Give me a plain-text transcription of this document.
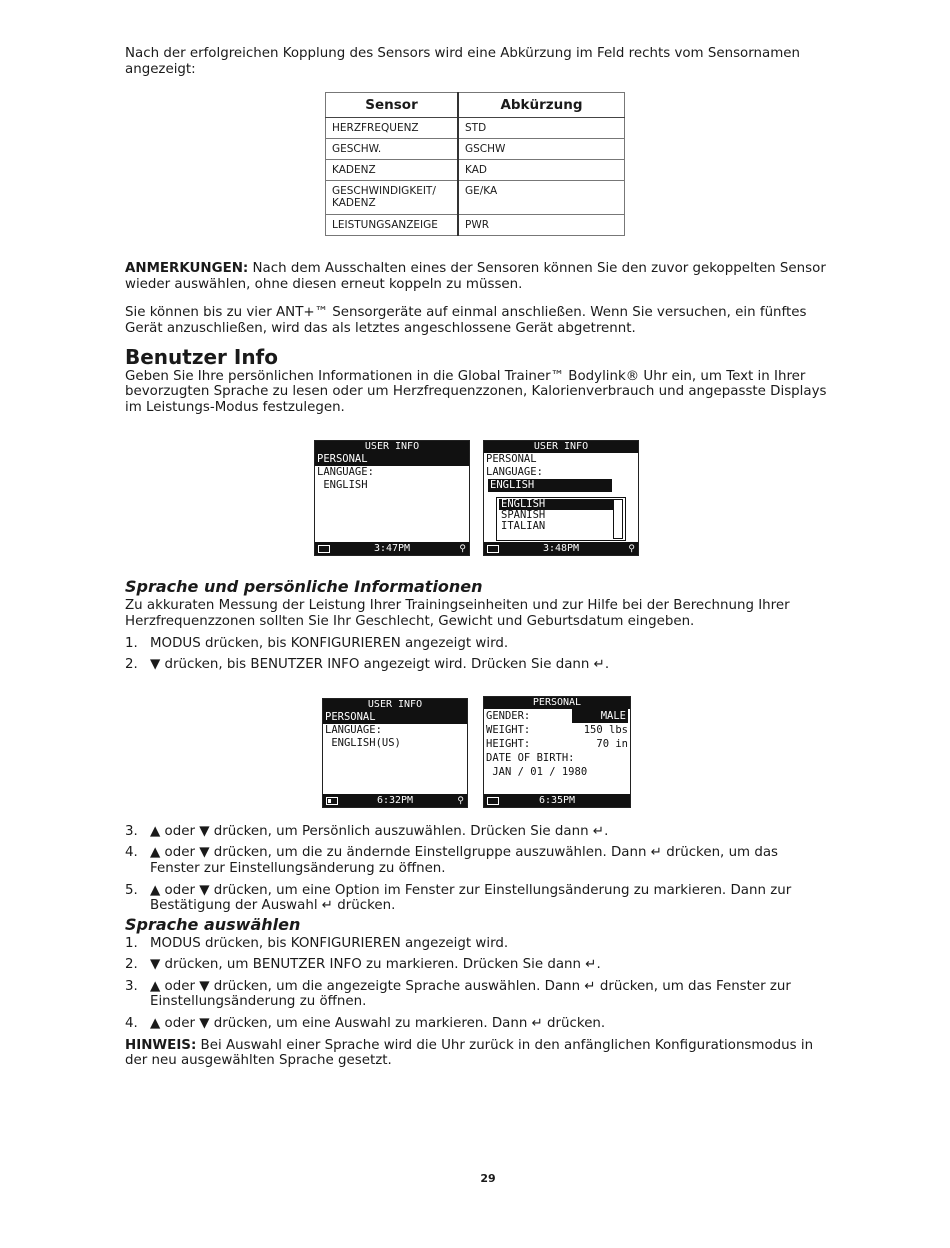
Nach der erfolgreichen Kopplung des Sensors wird eine Abkürzung im Feld rechts vom Sensornamen angezeigt:

Sensor	Abkürzung
HERZFREQUENZ	STD
GESCHW.	GSCHW
KADENZ	KAD
GESCHWINDIGKEIT/ KADENZ	GE/KA
LEISTUNGSANZEIGE	PWR

ANMERKUNGEN: Nach dem Ausschalten eines der Sensoren können Sie den zuvor gekoppelten Sensor wieder auswählen, ohne diesen erneut koppeln zu müssen.

Sie können bis zu vier ANT+™ Sensorgeräte auf einmal anschließen. Wenn Sie versuchen, ein fünftes Gerät anzuschließen, wird das als letztes angeschlossene Gerät abgetrennt.

Benutzer Info

Geben Sie Ihre persönlichen Informationen in die Global Trainer™ Bodylink® Uhr ein, um Text in Ihrer bevorzugten Sprache zu lesen oder um Herzfrequenzzonen, Kalorienverbrauch und angepasste Displays im Leistungs-Modus festzulegen.

USER INFO
PERSONAL
LANGUAGE:
ENGLISH
3:47PM	⚲
USER INFO
PERSONAL
LANGUAGE:
ENGLISH
ENGLISH
SPANISH
ITALIAN
3:48PM	⚲
Sprache und persönliche Informationen

Zu akkuraten Messung der Leistung Ihrer Trainingseinheiten und zur Hilfe bei der Berechnung Ihrer Herzfrequenzzonen sollten Sie Ihr Geschlecht, Gewicht und Geburtsdatum eingeben.

1. MODUS drücken, bis KONFIGURIEREN angezeigt wird.
2. ▼ drücken, bis BENUTZER INFO angezeigt wird. Drücken Sie dann ↵.
USER INFO
PERSONAL
LANGUAGE:
ENGLISH(US)
6:32PM	⚲
PERSONAL
GENDER:	MALE
WEIGHT:	150 lbs
HEIGHT:	70 in
DATE OF BIRTH:
JAN / 01 / 1980
6:35PM
3. ▲ oder ▼ drücken, um Persönlich auszuwählen. Drücken Sie dann ↵.
4. ▲ oder ▼ drücken, um die zu ändernde Einstellgruppe auszuwählen. Dann ↵ drücken, um das Fenster zur Einstellungsänderung zu öffnen.
5. ▲ oder ▼ drücken, um eine Option im Fenster zur Einstellungsänderung zu markieren. Dann zur Bestätigung der Auswahl ↵ drücken.
Sprache auswählen
1. MODUS drücken, bis KONFIGURIEREN angezeigt wird.
2. ▼ drücken, um BENUTZER INFO zu markieren. Drücken Sie dann ↵.
3. ▲ oder ▼ drücken, um die angezeigte Sprache auswählen. Dann ↵ drücken, um das Fenster zur Einstellungsänderung zu öffnen.
4. ▲ oder ▼ drücken, um eine Auswahl zu markieren. Dann ↵ drücken.

HINWEIS: Bei Auswahl einer Sprache wird die Uhr zurück in den anfänglichen Konfigurationsmodus in der neu ausgewählten Sprache gesetzt.

29
